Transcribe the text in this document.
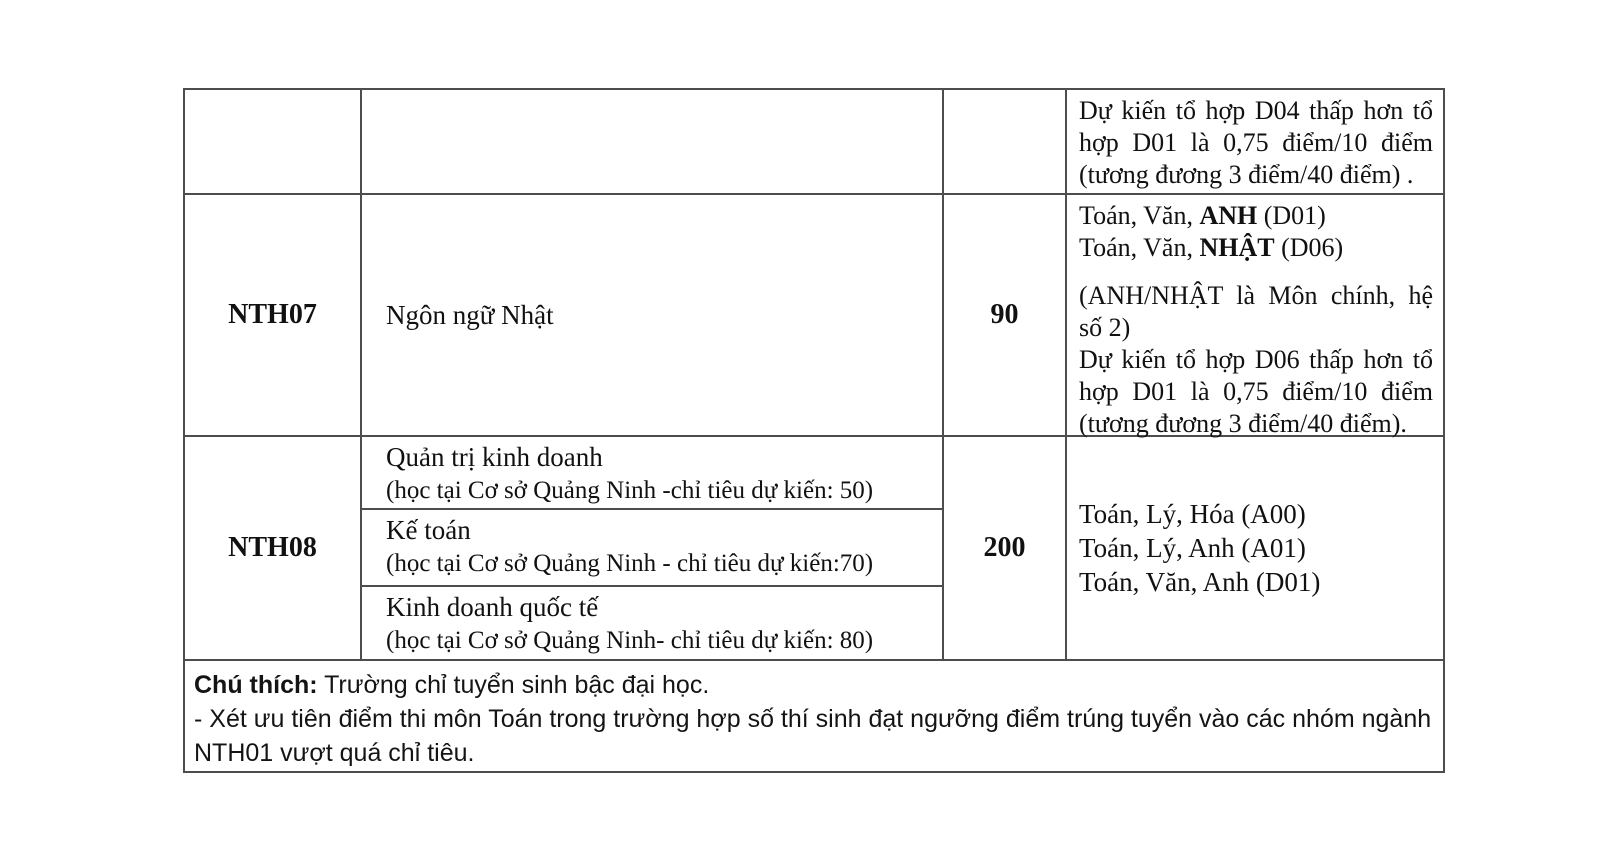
Dự kiến tổ hợp D04 thấp hơn tổ hợp D01 là 0,75 điểm/10 điểm (tương đương 3 điểm/40 điểm) .
NTH07	Ngôn ngữ Nhật	90
Toán, Văn, ANH (D01)
Toán, Văn, NHẬT (D06)
(ANH/NHẬT là Môn chính, hệ số 2)
Dự kiến tổ hợp D06 thấp hơn tổ hợp D01 là 0,75 điểm/10 điểm (tương đương 3 điểm/40 điểm).
NTH08
Quản trị kinh doanh
(học tại Cơ sở Quảng Ninh -chỉ tiêu dự kiến: 50)
Kế toán
(học tại Cơ sở Quảng Ninh - chỉ tiêu dự kiến:70)
Kinh doanh quốc tế
(học tại Cơ sở Quảng Ninh- chỉ tiêu dự kiến: 80)
200
Toán, Lý, Hóa (A00)
Toán, Lý, Anh (A01)
Toán, Văn, Anh (D01)
Chú thích: Trường chỉ tuyển sinh bậc đại học.
- Xét ưu tiên điểm thi môn Toán trong trường hợp số thí sinh đạt ngưỡng điểm trúng tuyển vào các nhóm ngành NTH01 vượt quá chỉ tiêu.
